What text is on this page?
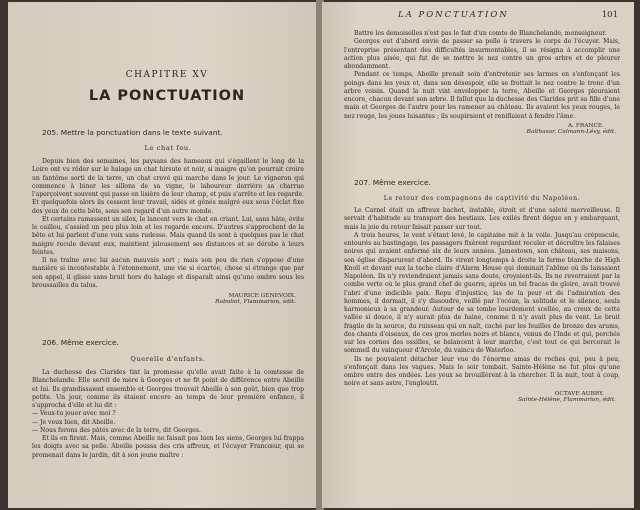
CHAPITRE XV

LA PONCTUATION

205. Mettre la ponctuation dans le texte suivant.

Le chat fou.

Depuis bien des semaines, les paysans des hameaux qui s'égaillent le long de la Loire ont vu rôder sur le halage un chat hirsute et noir, si maigre qu'on pourrait croire un fantôme sorti de la terre, un chat crevé qui marche dans le jour. Le vigneron qui commence à biner les sillons de sa vigne, le laboureur derrière sa charrue l'aperçoivent souvent qui passe en lisière de leur champ, et puis s'arrête et les regarde. Et quelquefois alors ils cessent leur travail, sidés et gênés malgré eux sous l'éclat fixe des yeux de cette bête, sous son regard d'un autre monde.

Et certains ramassent un silex, le lancent vers le chat en criant. Lui, sans hâte, évite le caillou, s'assied un peu plus loin et les regarde encore. D'autres s'approchent de la bête et lui parlent d'une voix sans rudesse. Mais quand ils sont à quelques pas le chat maigre recule devant eux, maintient jalousement ses distances et se dérobe à leurs feintes.

Il ne traîne avec lui aucun mauvais sort ; mais son peu de rien s'oppose d'une manière si incontestable à l'étonnement, une vie si écartée, chose si étrange que par son appel, il glisse sans bruit hors du halage et disparaît ainsi qu'une ombre sous les broussailles du talus.

MAURICE GENEVOIX.

Raboliot, Flammarion, édit.

206. Même exercice.

Querelle d'enfants.

La duchesse des Clarides tint la promesse qu'elle avait faite à la comtesse de Blanchelande. Elle servit de mère à Georges et ne fit point de différence entre Abeille et lui. Ils grandissaient ensemble et Georges trouvait Abeille à son goût, bien que trop petite. Un jour, comme ils étaient encore au temps de leur première enfance, il s'approcha d'elle et lui dit :

— Veux-tu jouer avec moi ?

— Je veux bien, dit Abeille.

— Nous ferons des pâtés avec de la terre, dit Georges.

Et ils en firent. Mais, comme Abeille ne faisait pas bien les siens, Georges lui frappa les doigts avec sa pelle. Abeille poussa des cris affreux, et l'écuyer Francœur, qui se promenait dans le jardin, dit à son jeune maître :

LA PONCTUATION	101

Battre les demoiselles n'est pas le fait d'un comte de Blanchelande, monseigneur.

Georges eut d'abord envie de passer sa pelle à travers le corps de l'écuyer. Mais, l'entreprise présentant des difficultés insurmontables, il se résigna à accomplir une action plus aisée, qui fut de se mettre le nez contre un gros arbre et de pleurer abondamment.

Pendant ce temps, Abeille prenait soin d'entretenir ses larmes en s'enfonçant les poings dans les yeux et, dans son désespoir, elle se frottait le nez contre le tronc d'un arbre voisin. Quand la nuit vint envelopper la terre, Abeille et Georges pleuraient encore, chacun devant son arbre. Il fallut que la duchesse des Clarides prit sa fille d'une main et Georges de l'autre pour les ramener au château. Ils avaient les yeux rouges, le nez rouge, les joues luisantes ; ils soupiraient et reniflaient à fendre l'âme.

A. FRANCE.

Balthasar, Calmann-Lévy, édit.

207. Même exercice.

Le retour des compagnons de captivité du Napoléon.

Le Carnel était un affreux bachot, instable, étroit et d'une saleté merveilleuse. Il servait d'habitude au transport des bestiaux. Les exilés firent dégue en y embarquant, mais la joie du retour faisait passer sur tout.

A trois heures, le vent s'étant levé, le capitaine mit à la voile. Jusqu'au crépuscule, entourés au bastingage, les passagers fixèrent regardant reculer et décroître les falaises noires qui avaient enfermé six de leurs années. Jamestown, son château, ses maisons, son église disparurent d'abord. Ils virent longtemps à droite la ferme blanche de High Knoll et devant eux la tache claire d'Alarm House qui dominait l'abîme où ils laissaient Napoléon. Ils n'y reviendraient jamais sans doute, croyaient-ils. Ils ne reverraient par la combe verte où le plus grand chef de guerre, après un tel fracas de gloire, avait trouvé l'abri d'une indicible paix. Repu d'injustice, las de la peur et de l'admiration des hommes, il dormait, il s'y dissoudre, veillé par l'océan, la solitude et le silence, seuls harmonieux à sa grandeur. Autour de sa tombe lourdement scellée, au creux de cette vallée si douce, il n'y aurait plus de haine, comme il n'y avait plus de vent. Le bruit fragile de la source, du ruisseau qui en naît, caché par les feuilles de bronze des arums, des chants d'oiseaux, de ces gros merles noirs et blancs, venus de l'Inde et qui, perchés sur les cornes des ossilles, se balancent à leur marche, c'est tout ce qui bercerait le sommeil du vainqueur d'Arcole, du vaincu de Waterloo.

Ils ne pouvaient détacher leur vue de l'énorme amas de roches qui, peu à peu, s'enfonçait dans les vagues. Mais le soir tombait. Sainte-Hélène ne fut plus qu'une ombre entre des ondées. Les yeux se brouillèrent à la chercher. Il la nuit, tout à coup, noire et sans astre, l'engloutit.

OCTAVE AUBRY.

Sainte-Hélène, Flammarion, édit.
